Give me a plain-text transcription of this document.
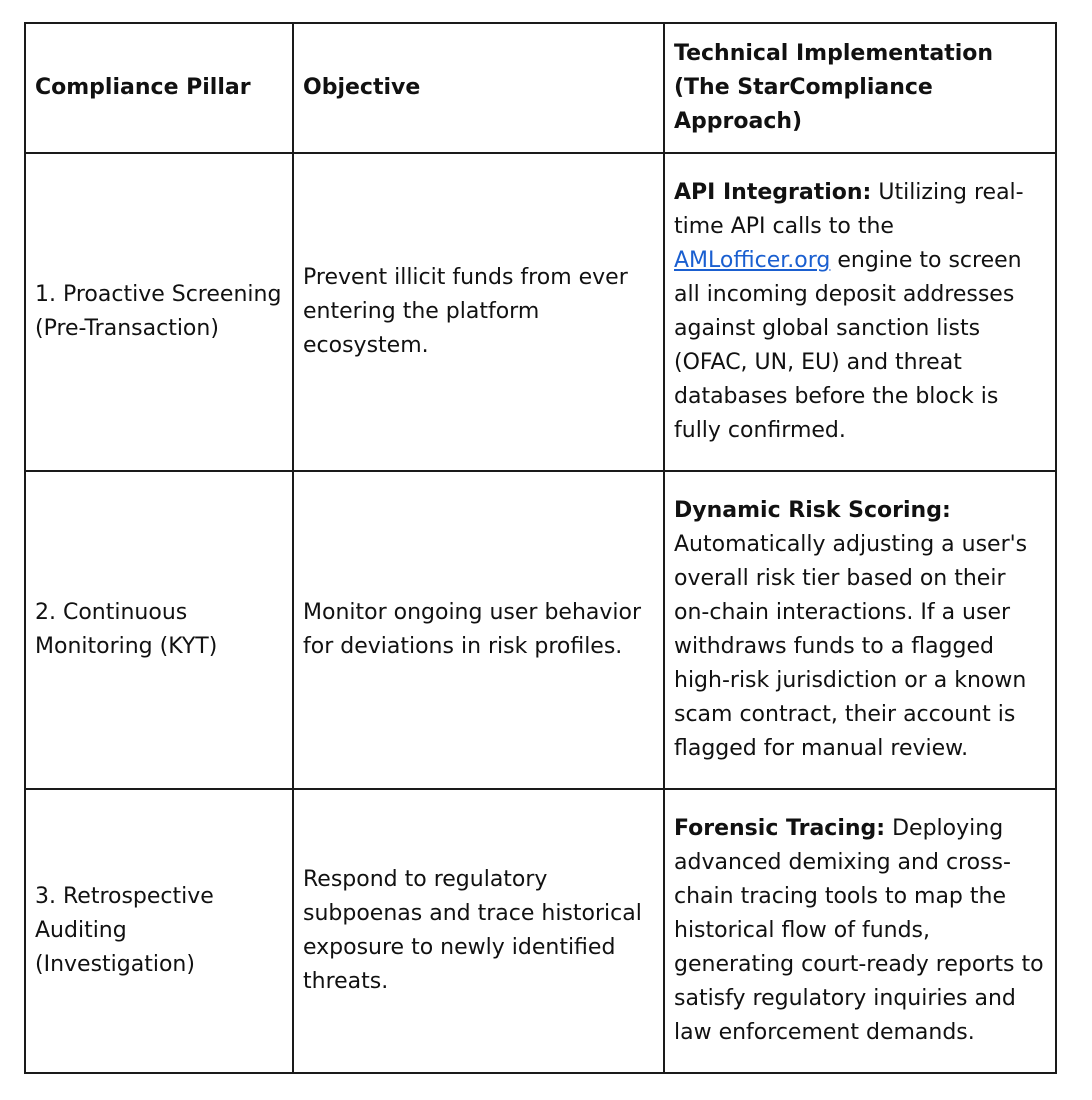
Compliance Pillar	Objective	Technical Implementation (The StarCompliance Approach)
1. Proactive Screening (Pre-Transaction)	Prevent illicit funds from ever entering the platform ecosystem.	API Integration: Utilizing real-time API calls to the AMLofficer.org engine to screen all incoming deposit addresses against global sanction lists (OFAC, UN, EU) and threat databases before the block is fully confirmed.
2. Continuous Monitoring (KYT)	Monitor ongoing user behavior for deviations in risk profiles.	Dynamic Risk Scoring:
Automatically adjusting a user's overall risk tier based on their on-chain interactions. If a user withdraws funds to a flagged high-risk jurisdiction or a known scam contract, their account is flagged for manual review.
3. Retrospective Auditing (Investigation)	Respond to regulatory subpoenas and trace historical exposure to newly identified threats.	Forensic Tracing: Deploying advanced demixing and cross-chain tracing tools to map the historical flow of funds, generating court-ready reports to satisfy regulatory inquiries and law enforcement demands.
